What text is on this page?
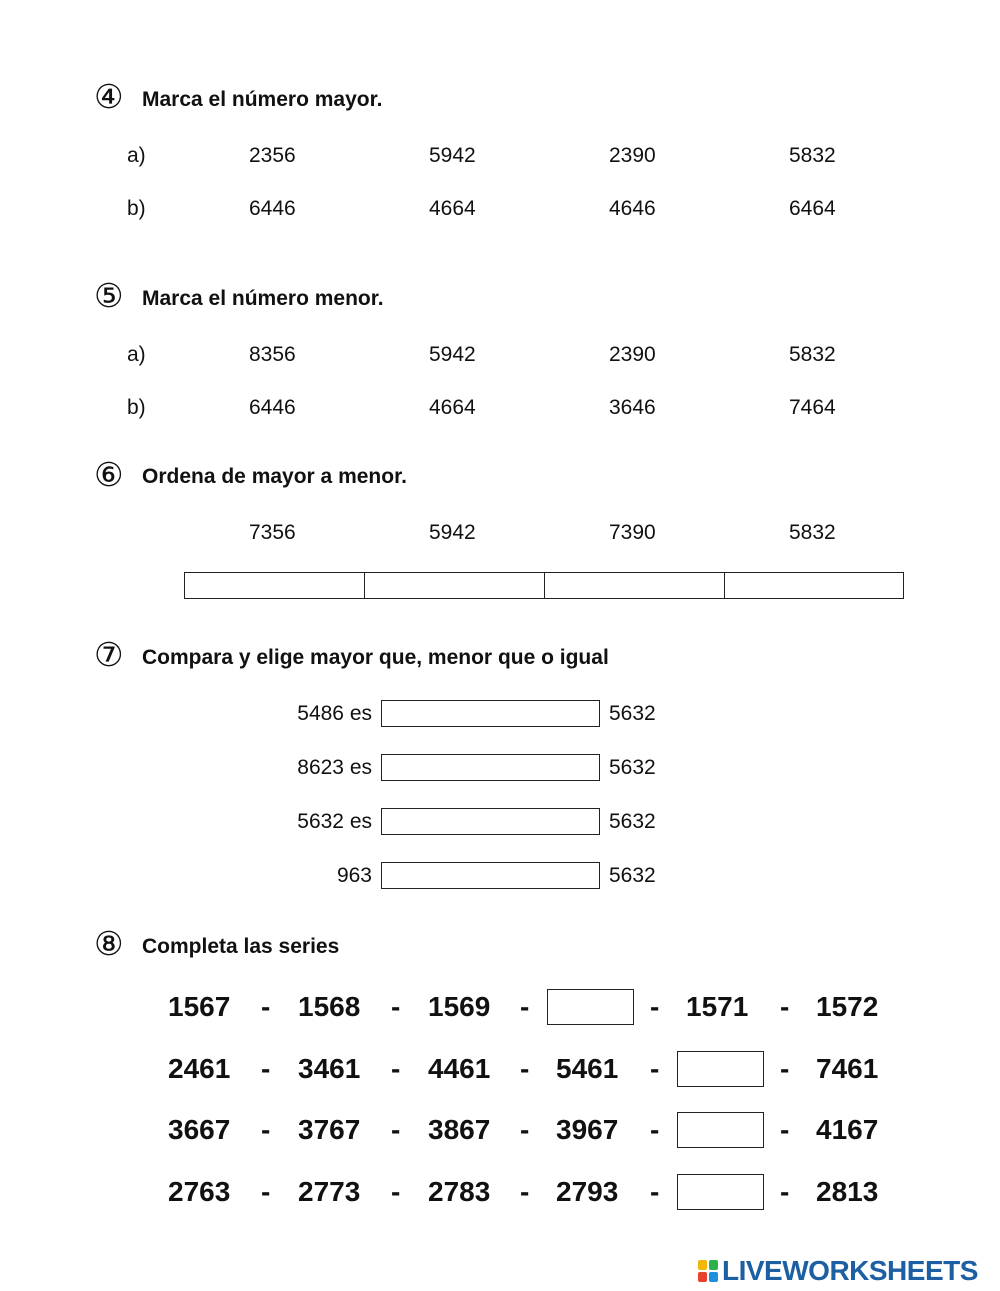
④ Marca el número mayor.
a)	2356	5942	2390	5832
b)	6446	4664	4646	6464
⑤ Marca el número menor.
a)	8356	5942	2390	5832
b)	6446	4664	3646	7464
⑥ Ordena de mayor a menor.
7356	5942	7390	5832
⑦ Compara y elige mayor que, menor que o igual
5486 es	5632
8623 es	5632
5632 es	5632
963	5632
⑧ Completa las series
1567 - 1568 - 1569 -	- 1571 - 1572
2461 - 3461 - 4461 - 5461 -	- 7461
3667 - 3767 - 3867 - 3967 -	- 4167
2763 - 2773 - 2783 - 2793 -	- 2813
LIVEWORKSHEETS
